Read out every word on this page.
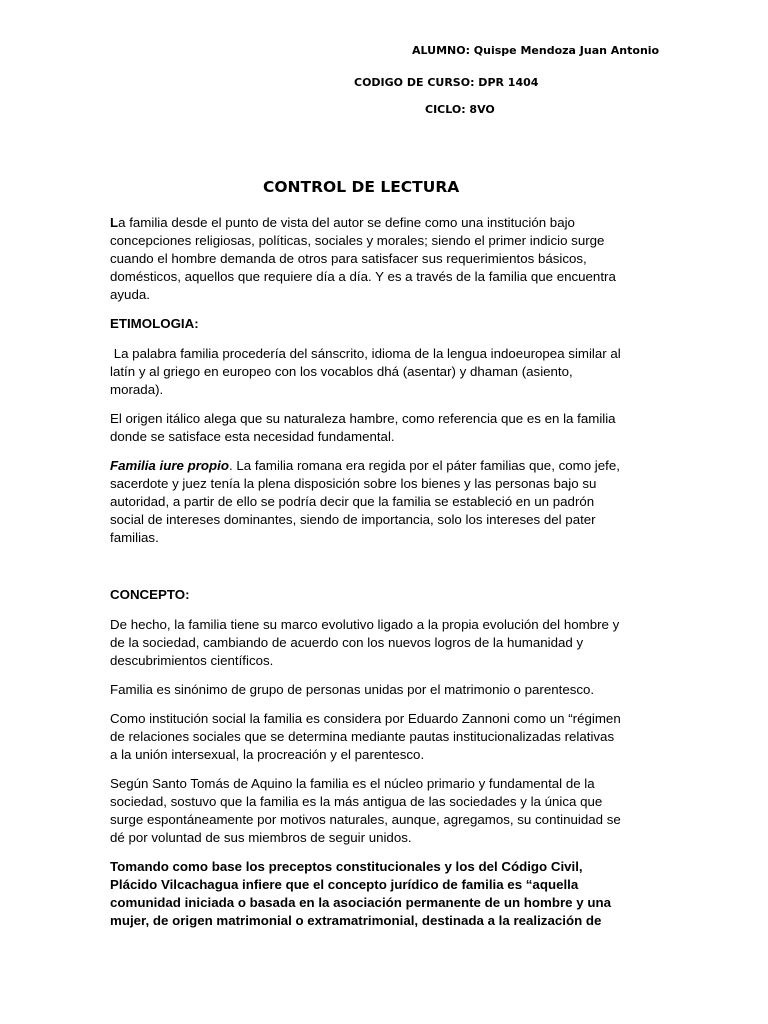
ALUMNO: Quispe Mendoza Juan Antonio
CODIGO DE CURSO: DPR 1404
CICLO: 8VO
CONTROL DE LECTURA
La familia desde el punto de vista del autor se define como una institución bajo
concepciones religiosas, políticas, sociales y morales; siendo el primer indicio surge
cuando el hombre demanda de otros para satisfacer sus requerimientos básicos,
domésticos, aquellos que requiere día a día. Y es a través de la familia que encuentra
ayuda.
ETIMOLOGIA:
La palabra familia procedería del sánscrito, idioma de la lengua indoeuropea similar al
latín y al griego en europeo con los vocablos dhá (asentar) y dhaman (asiento,
morada).
El origen itálico alega que su naturaleza hambre, como referencia que es en la familia
donde se satisface esta necesidad fundamental.
Familia iure propio. La familia romana era regida por el páter familias que, como jefe,
sacerdote y juez tenía la plena disposición sobre los bienes y las personas bajo su
autoridad, a partir de ello se podría decir que la familia se estableció en un padrón
social de intereses dominantes, siendo de importancia, solo los intereses del pater
familias.
CONCEPTO:
De hecho, la familia tiene su marco evolutivo ligado a la propia evolución del hombre y
de la sociedad, cambiando de acuerdo con los nuevos logros de la humanidad y
descubrimientos científicos.
Familia es sinónimo de grupo de personas unidas por el matrimonio o parentesco.
Como institución social la familia es considera por Eduardo Zannoni como un “régimen
de relaciones sociales que se determina mediante pautas institucionalizadas relativas
a la unión intersexual, la procreación y el parentesco.
Según Santo Tomás de Aquino la familia es el núcleo primario y fundamental de la
sociedad, sostuvo que la familia es la más antigua de las sociedades y la única que
surge espontáneamente por motivos naturales, aunque, agregamos, su continuidad se
dé por voluntad de sus miembros de seguir unidos.
Tomando como base los preceptos constitucionales y los del Código Civil,
Plácido Vilcachagua infiere que el concepto jurídico de familia es “aquella
comunidad iniciada o basada en la asociación permanente de un hombre y una
mujer, de origen matrimonial o extramatrimonial, destinada a la realización de
